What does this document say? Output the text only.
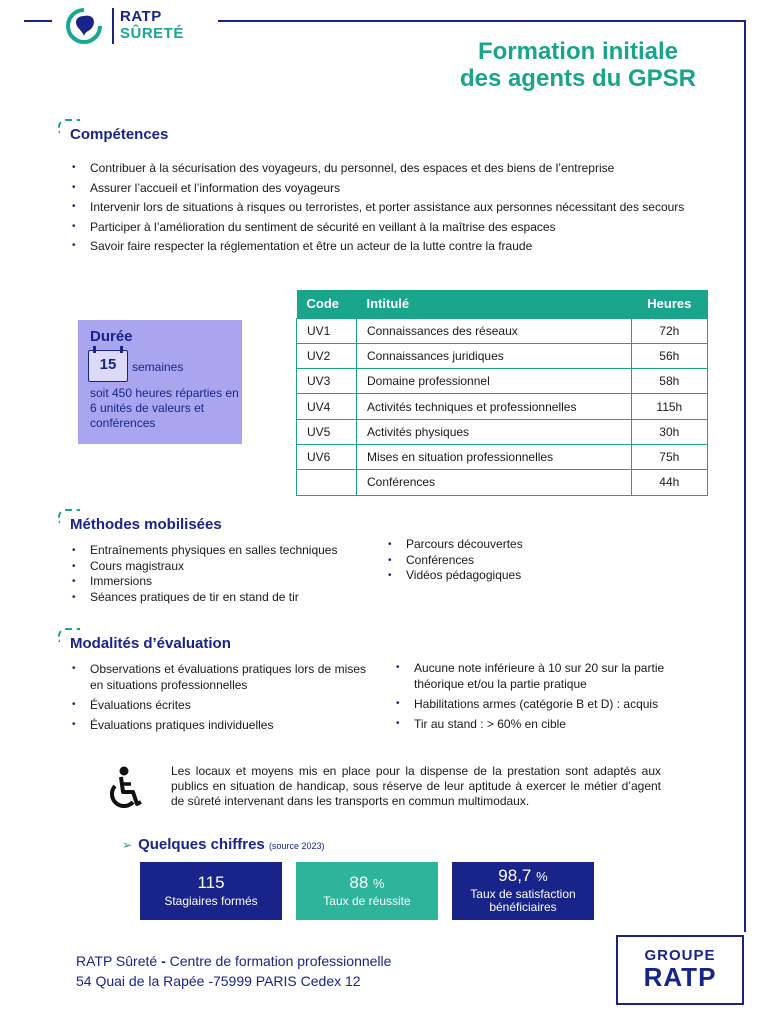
RATP
SÛRETÉ
Formation initiale
des agents du GPSR
Compétences
• Contribuer à la sécurisation des voyageurs, du personnel, des espaces et des biens de l’entreprise
• Assurer l’accueil et l’information des voyageurs
• Intervenir lors de situations à risques ou terroristes, et porter assistance aux personnes nécessitant des secours
• Participer à l’amélioration du sentiment de sécurité en veillant à la maîtrise des espaces
• Savoir faire respecter la réglementation et être un acteur de la lutte contre la fraude
Durée
15	semaines
soit 450 heures réparties en 6 unités de valeurs et conférences
Code	Intitulé	Heures
UV1	Connaissances des réseaux	72h
UV2	Connaissances juridiques	56h
UV3	Domaine professionnel	58h
UV4	Activités techniques et professionnelles	115h
UV5	Activités physiques	30h
UV6	Mises en situation professionnelles	75h
	Conférences	44h
Méthodes mobilisées
• Entraînements physiques en salles techniques
• Cours magistraux
• Immersions
• Séances pratiques de tir en stand de tir
• Parcours découvertes
• Conférences
• Vidéos pédagogiques
Modalités d’évaluation
• Observations et évaluations pratiques lors de mises en situations professionnelles
• Évaluations écrites
• Évaluations pratiques individuelles
• Aucune note inférieure à 10 sur 20 sur la partie théorique et/ou la partie pratique
• Habilitations armes (catégorie B et D) : acquis
• Tir au stand : > 60% en cible
Les locaux et moyens mis en place pour la dispense de la prestation sont adaptés aux publics en situation de handicap, sous réserve de leur aptitude à exercer le métier d’agent de sûreté intervenant dans les transports en commun multimodaux.
➢ Quelques chiffres (source 2023)
115
Stagiaires formés
88 %
Taux de réussite
98,7 %
Taux de satisfaction bénéficiaires
RATP Sûreté - Centre de formation professionnelle
54 Quai de la Rapée -75999 PARIS Cedex 12
GROUPE
RATP
